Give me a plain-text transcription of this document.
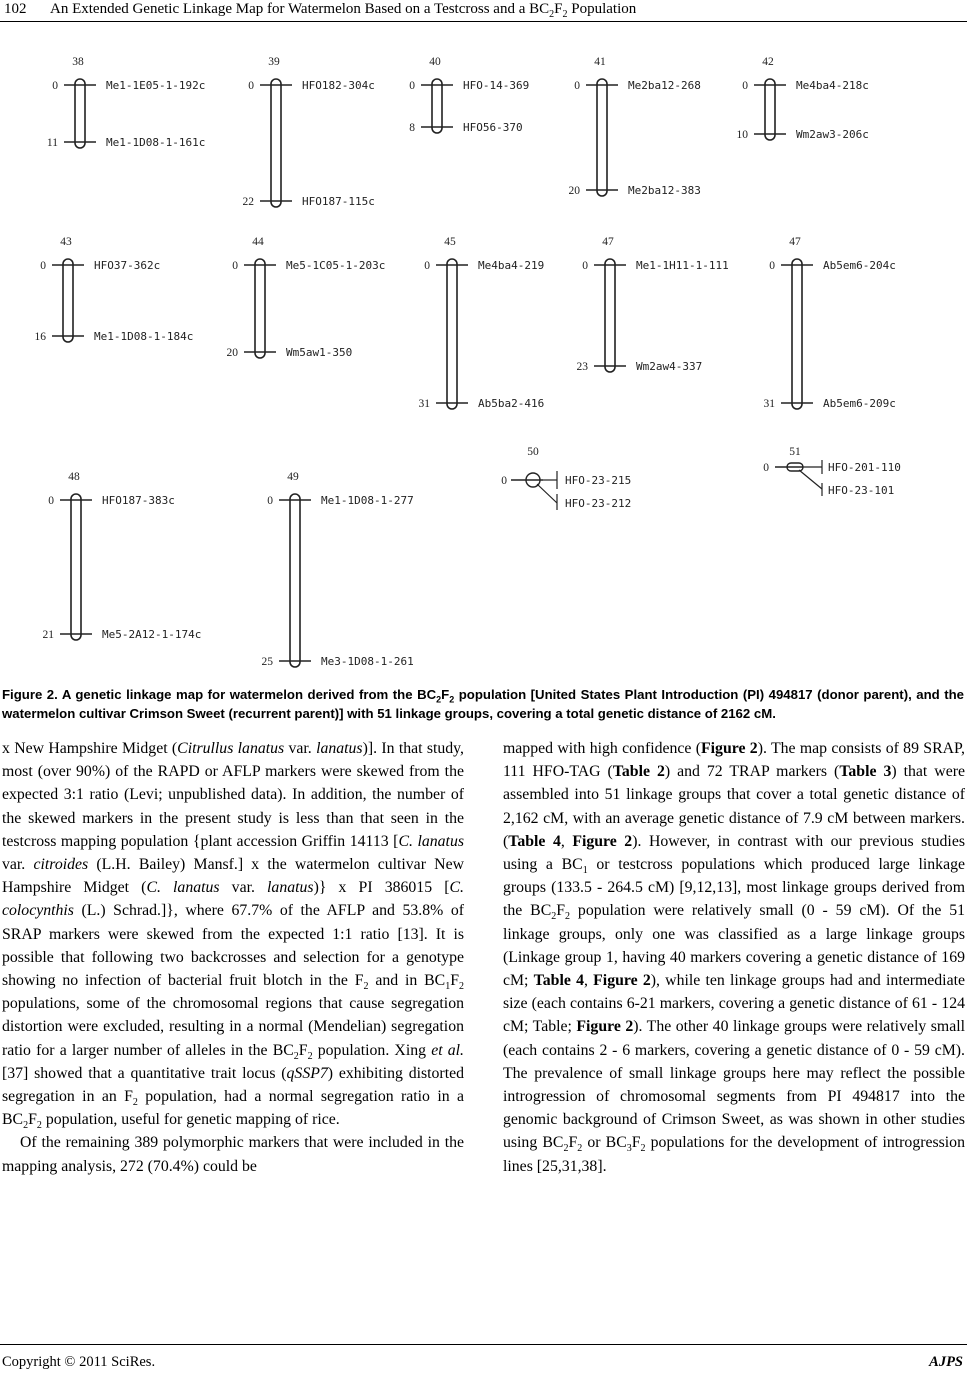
102 An Extended Genetic Linkage Map for Watermelon Based on a Testcross and a $BC_2F_2$ Population
38
0	Me1-1E05-1-192c
11	Me1-1D08-1-161c
39
0	HFO182-304c
22	HFO187-115c
40
0	HFO-14-369
8	HFO56-370
41
0	Me2ba12-268
20	Me2ba12-383
42
0	Me4ba4-218c
10	Wm2aw3-206c
43
0	HFO37-362c
16	Me1-1D08-1-184c
44
0	Me5-1C05-1-203c
20	Wm5aw1-350
45
0	Me4ba4-219
31	Ab5ba2-416
47
0	Me1-1H11-1-111
23	Wm2aw4-337
47
0	Ab5em6-204c
31	Ab5em6-209c
48
0	HFO187-383c
21	Me5-2A12-1-174c
49
0	Me1-1D08-1-277
25	Me3-1D08-1-261
50
0	HFO-23-215
HFO-23-212
51
0	HFO-201-110
HFO-23-101
Figure 2. A genetic linkage map for watermelon derived from the $BC_2F_2$ population [United States Plant Introduction (PI) 494817 (donor parent), and the watermelon cultivar Crimson Sweet (recurrent parent)] with 51 linkage groups, covering a total genetic distance of 2162 cM.

x New Hampshire Midget (Citrullus lanatus var. lanatus)]. In that study, most (over 90%) of the RAPD or AFLP markers were skewed from the expected 3:1 ratio (Levi; unpublished data). In addition, the number of the skewed markers in the present study is less than that seen in the testcross mapping population {plant accession Griffin 14113 [C. lanatus var. citroides (L.H. Bailey) Mansf.] x the watermelon cultivar New Hampshire Midget (C. lanatus var. lanatus)} x PI 386015 [C. colocynthis (L.) Schrad.]}, where 67.7% of the AFLP and 53.8% of SRAP markers were skewed from the expected 1:1 ratio [13]. It is possible that following two backcrosses and selection for a genotype showing no infection of bacterial fruit blotch in the $F_2$ and in $BC_1F_2$ populations, some of the chromosomal regions that cause segregation distortion were excluded, resulting in a normal (Mendelian) segregation ratio for a larger number of alleles in the $BC_2F_2$ population. Xing et al. [37] showed that a quantitative trait locus (qSSP7) exhibiting distorted segregation in an $F_2$ population, had a normal segregation ratio in a $BC_2F_2$ population, useful for genetic mapping of rice.

Of the remaining 389 polymorphic markers that were included in the mapping analysis, 272 (70.4%) could be

mapped with high confidence (Figure 2). The map consists of 89 SRAP, 111 HFO-TAG (Table 2) and 72 TRAP markers (Table 3) that were assembled into 51 linkage groups that cover a total genetic distance of 2,162 cM, with an average genetic distance of 7.9 cM between markers. (Table 4, Figure 2). However, in contrast with our previous studies using a $BC_1$ or testcross populations which produced large linkage groups (133.5 - 264.5 cM) [9,12,13], most linkage groups derived from the $BC_2F_2$ population were relatively small (0 - 59 cM). Of the 51 linkage groups, only one was classified as a large linkage groups (Linkage group 1, having 40 markers covering a genetic distance of 169 cM; Table 4, Figure 2), while ten linkage groups had and intermediate size (each contains 6-21 markers, covering a genetic distance of 61 - 124 cM; Table; Figure 2). The other 40 linkage groups were relatively small (each contains 2 - 6 markers, covering a genetic distance of 0 - 59 cM). The prevalence of small linkage groups here may reflect the possible introgression of chromosomal segments from PI 494817 into the genomic background of Crimson Sweet, as was shown in other studies using $BC_2F_2$ or $BC_3F_2$ populations for the development of introgression lines [25,31,38].

Copyright © 2011 SciRes.	AJPS
